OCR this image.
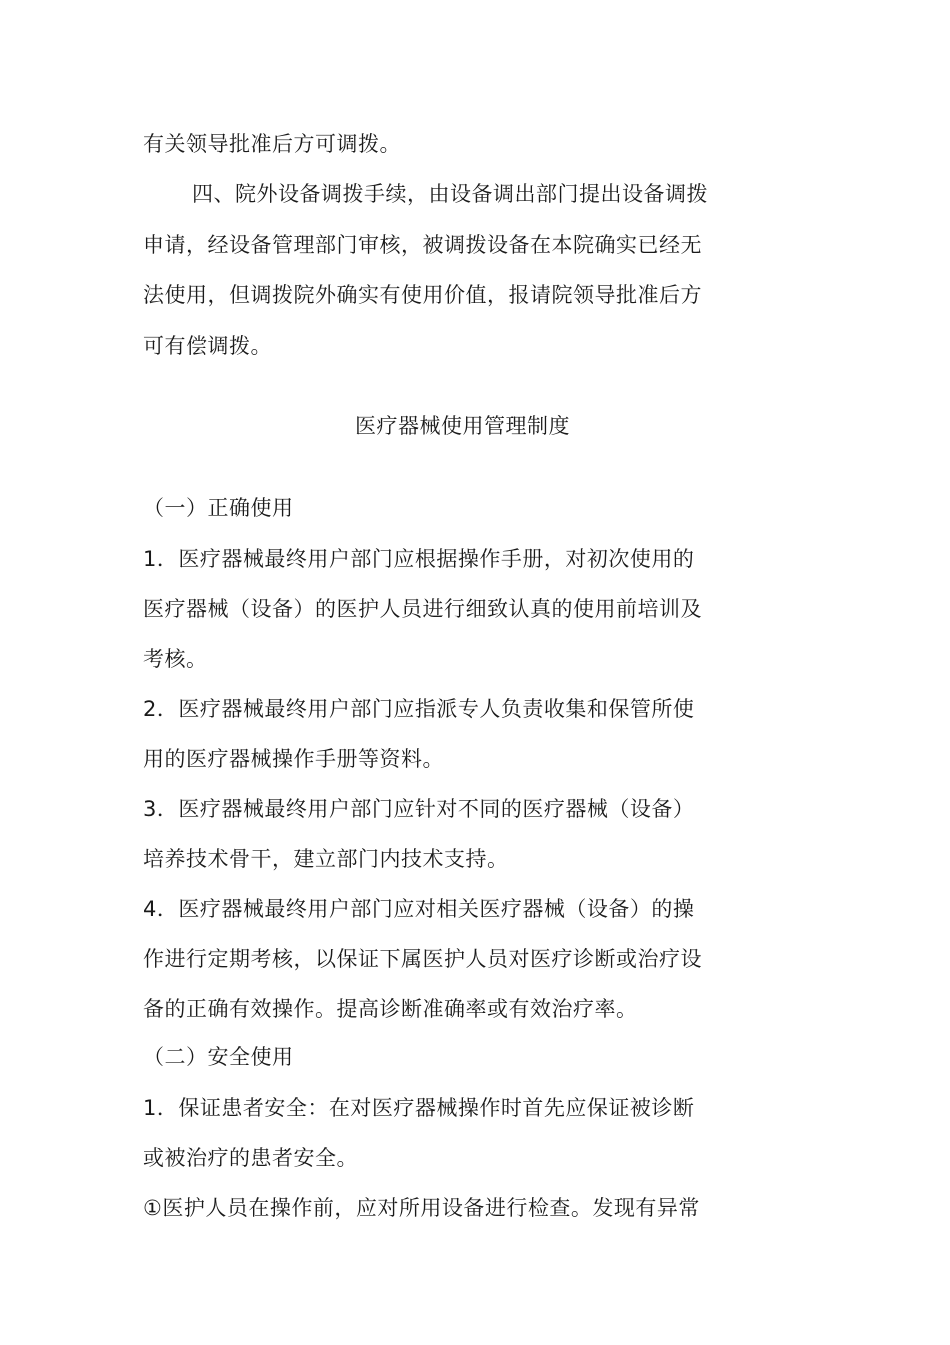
有关领导批准后方可调拨。
四、院外设备调拨手续，由设备调出部门提出设备调拨
申请，经设备管理部门审核，被调拨设备在本院确实已经无
法使用，但调拨院外确实有使用价值，报请院领导批准后方
可有偿调拨。
医疗器械使用管理制度
（一）正确使用
1．医疗器械最终用户部门应根据操作手册，对初次使用的
医疗器械（设备）的医护人员进行细致认真的使用前培训及
考核。
2．医疗器械最终用户部门应指派专人负责收集和保管所使
用的医疗器械操作手册等资料。
3．医疗器械最终用户部门应针对不同的医疗器械（设备）
培养技术骨干，建立部门内技术支持。
4．医疗器械最终用户部门应对相关医疗器械（设备）的操
作进行定期考核，以保证下属医护人员对医疗诊断或治疗设
备的正确有效操作。提高诊断准确率或有效治疗率。
（二）安全使用
1．保证患者安全：在对医疗器械操作时首先应保证被诊断
或被治疗的患者安全。
①医护人员在操作前，应对所用设备进行检查。发现有异常
